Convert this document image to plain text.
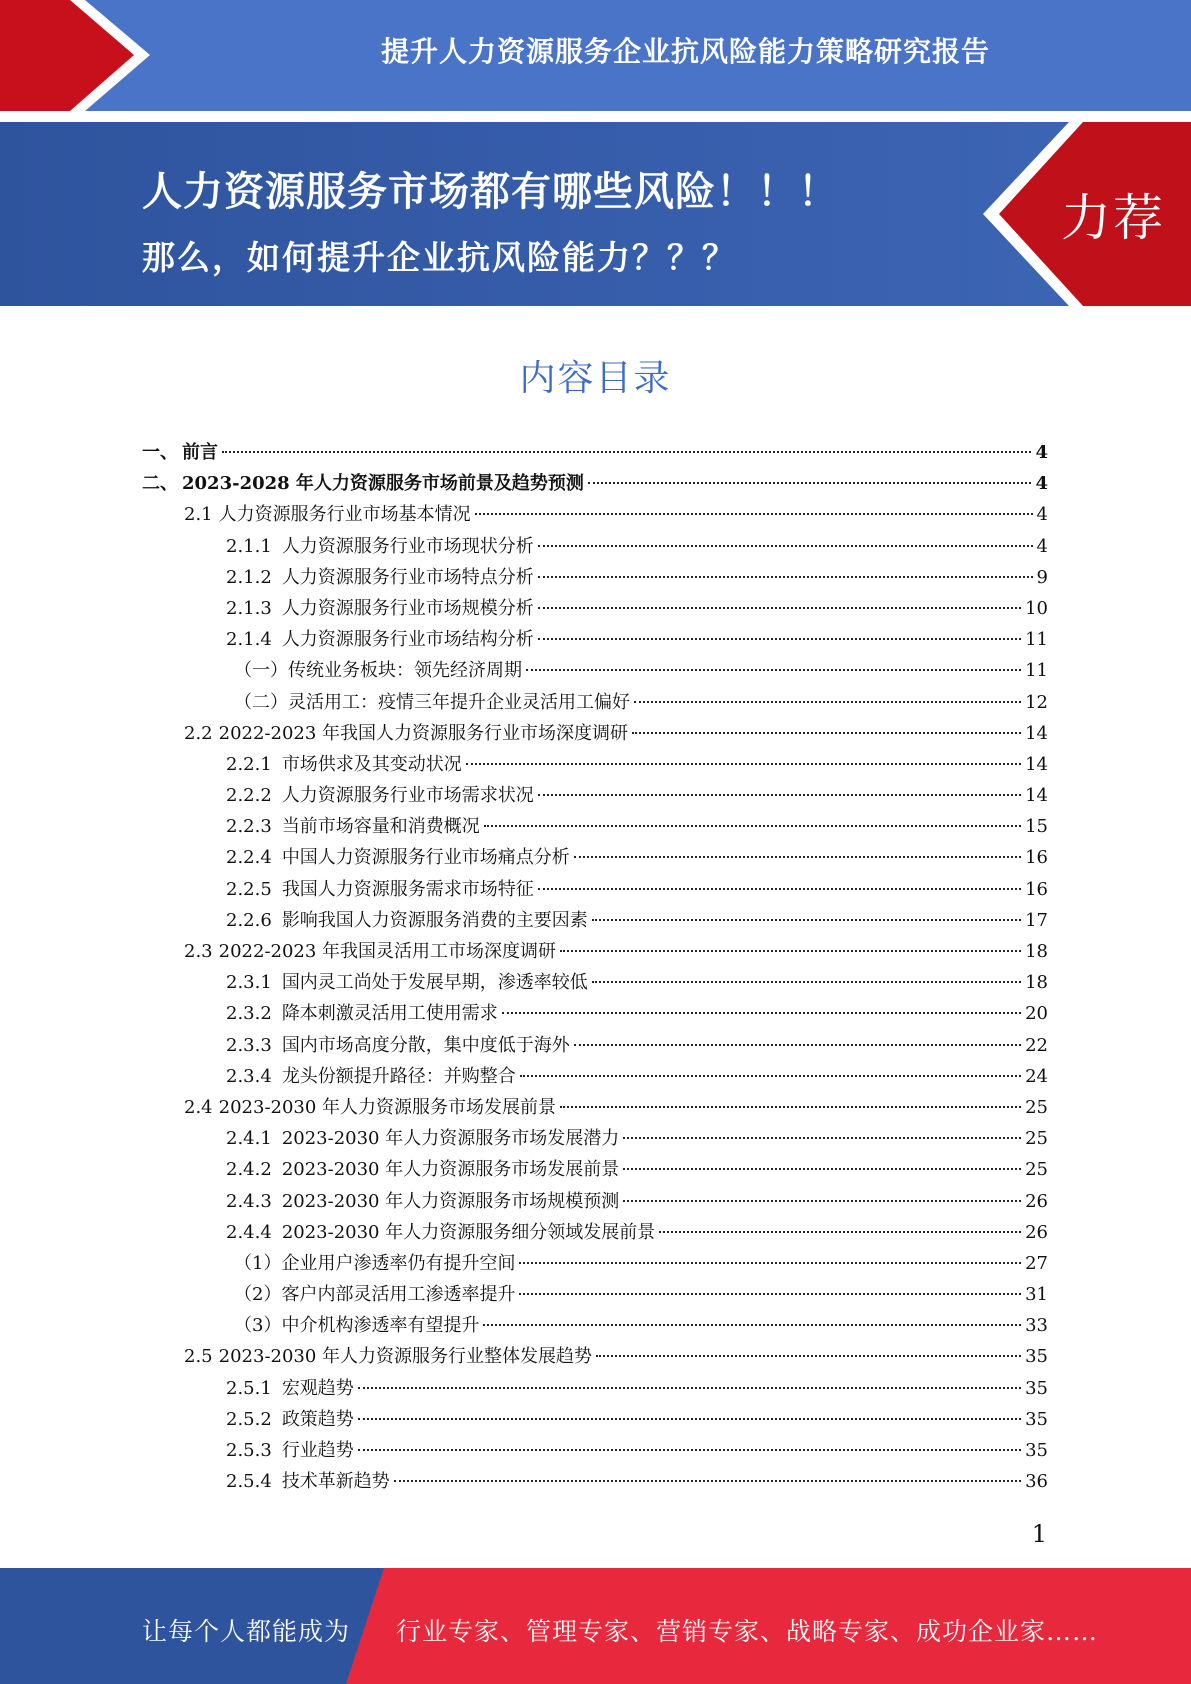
提升人力资源服务企业抗风险能力策略研究报告
人力资源服务市场都有哪些风险！！！
那么，如何提升企业抗风险能力？？？
力荐
内容目录
一、 前言	4
二、 2023-2028 年人力资源服务市场前景及趋势预测	4
2.1 人力资源服务行业市场基本情况	4
2.1.1 人力资源服务行业市场现状分析	4
2.1.2 人力资源服务行业市场特点分析	9
2.1.3 人力资源服务行业市场规模分析	10
2.1.4 人力资源服务行业市场结构分析	11
（一）传统业务板块：领先经济周期	11
（二）灵活用工：疫情三年提升企业灵活用工偏好	12
2.2 2022-2023 年我国人力资源服务行业市场深度调研	14
2.2.1 市场供求及其变动状况	14
2.2.2 人力资源服务行业市场需求状况	14
2.2.3 当前市场容量和消费概况	15
2.2.4 中国人力资源服务行业市场痛点分析	16
2.2.5 我国人力资源服务需求市场特征	16
2.2.6 影响我国人力资源服务消费的主要因素	17
2.3 2022-2023 年我国灵活用工市场深度调研	18
2.3.1 国内灵工尚处于发展早期，渗透率较低	18
2.3.2 降本刺激灵活用工使用需求	20
2.3.3 国内市场高度分散，集中度低于海外	22
2.3.4 龙头份额提升路径：并购整合	24
2.4 2023-2030 年人力资源服务市场发展前景	25
2.4.1 2023-2030 年人力资源服务市场发展潜力	25
2.4.2 2023-2030 年人力资源服务市场发展前景	25
2.4.3 2023-2030 年人力资源服务市场规模预测	26
2.4.4 2023-2030 年人力资源服务细分领域发展前景	26
（1）企业用户渗透率仍有提升空间	27
（2）客户内部灵活用工渗透率提升	31
（3）中介机构渗透率有望提升	33
2.5 2023-2030 年人力资源服务行业整体发展趋势	35
2.5.1 宏观趋势	35
2.5.2 政策趋势	35
2.5.3 行业趋势	35
2.5.4 技术革新趋势	36
1
让每个人都能成为 行业专家、管理专家、营销专家、战略专家、成功企业家……
